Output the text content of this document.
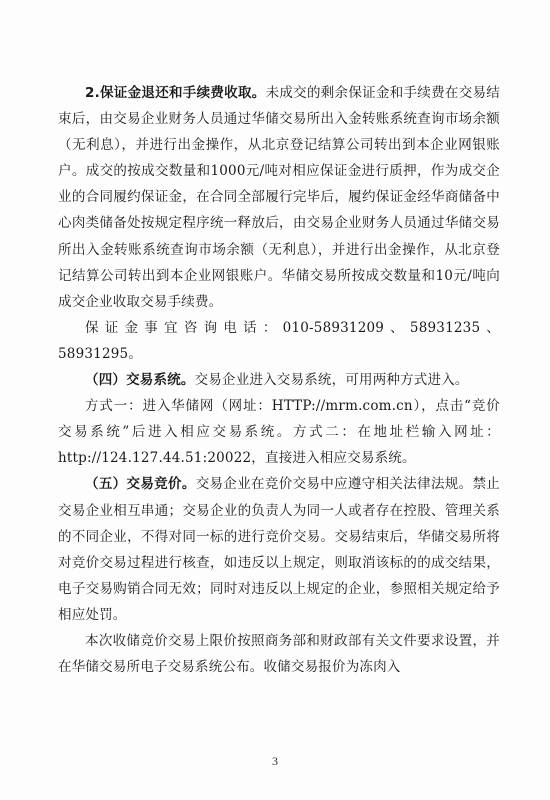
2.保证金退还和手续费收取。未成交的剩余保证金和手续费在交易结束后，由交易企业财务人员通过华储交易所出入金转账系统查询市场余额（无利息），并进行出金操作，从北京登记结算公司转出到本企业网银账户。成交的按成交数量和1000元/吨对相应保证金进行质押，作为成交企业的合同履约保证金，在合同全部履行完毕后，履约保证金经华商储备中心肉类储备处按规定程序统一释放后，由交易企业财务人员通过华储交易所出入金转账系统查询市场余额（无利息），并进行出金操作，从北京登记结算公司转出到本企业网银账户。华储交易所按成交数量和10元/吨向成交企业收取交易手续费。

保证金事宜咨询电话：010-58931209、58931235、58931295。

（四）交易系统。交易企业进入交易系统，可用两种方式进入。

方式一：进入华储网（网址：HTTP://mrm.com.cn），点击“竞价交易系统”后进入相应交易系统。方式二：在地址栏输入网址：http://124.127.44.51:20022，直接进入相应交易系统。

（五）交易竞价。交易企业在竞价交易中应遵守相关法律法规。禁止交易企业相互串通；交易企业的负责人为同一人或者存在控股、管理关系的不同企业，不得对同一标的进行竞价交易。交易结束后，华储交易所将对竞价交易过程进行核查，如违反以上规定，则取消该标的的成交结果，电子交易购销合同无效；同时对违反以上规定的企业，参照相关规定给予相应处罚。

本次收储竞价交易上限价按照商务部和财政部有关文件要求设置，并在华储交易所电子交易系统公布。收储交易报价为冻肉入

3
